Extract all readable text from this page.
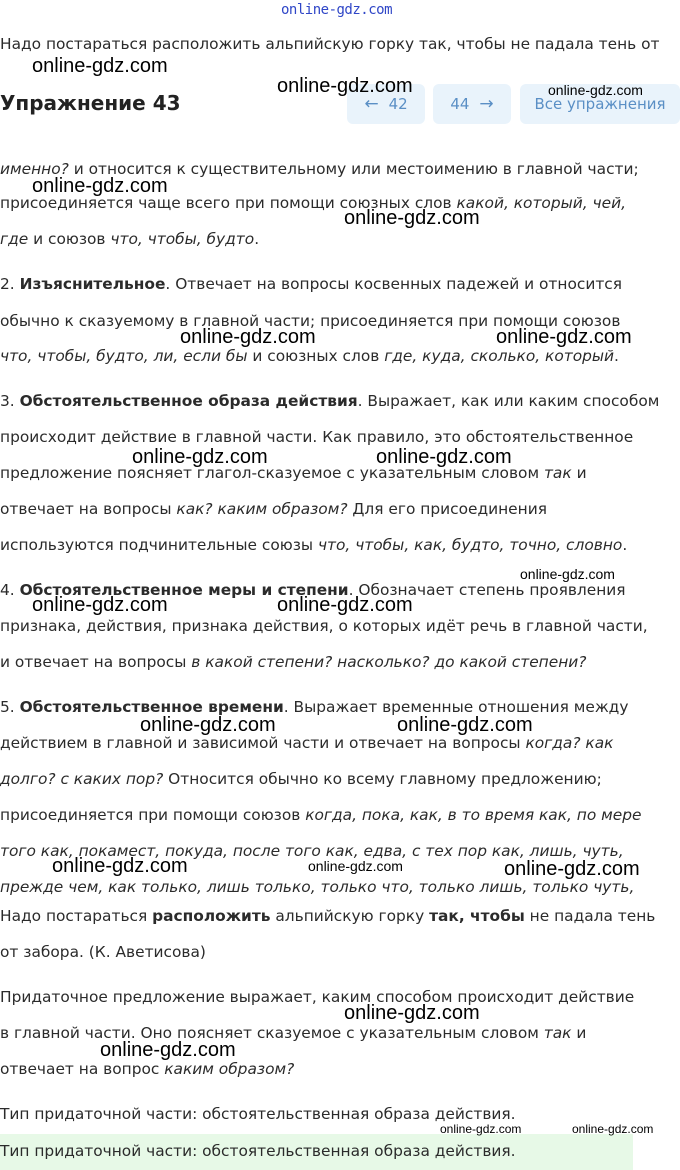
online-gdz.com

Надо постараться расположить альпийскую горку так, чтобы не падала тень от

Упражнение 43	← 42	44 →	Все упражнения

именно? и относится к существительному или местоимению в главной части;

присоединяется чаще всего при помощи союзных слов какой, который, чей,

где и союзов что, чтобы, будто.

2. Изъяснительное. Отвечает на вопросы косвенных падежей и относится

обычно к сказуемому в главной части; присоединяется при помощи союзов

что, чтобы, будто, ли, если бы и союзных слов где, куда, сколько, который.

3. Обстоятельственное образа действия. Выражает, как или каким способом

происходит действие в главной части. Как правило, это обстоятельственное

предложение поясняет глагол-сказуемое с указательным словом так и

отвечает на вопросы как? каким образом? Для его присоединения

используются подчинительные союзы что, чтобы, как, будто, точно, словно.

4. Обстоятельственное меры и степени. Обозначает степень проявления

признака, действия, признака действия, о которых идёт речь в главной части,

и отвечает на вопросы в какой степени? насколько? до какой степени?

5. Обстоятельственное времени. Выражает временные отношения между

действием в главной и зависимой части и отвечает на вопросы когда? как

долго? с каких пор? Относится обычно ко всему главному предложению;

присоединяется при помощи союзов когда, пока, как, в то время как, по мере

того как, покамест, покуда, после того как, едва, с тех пор как, лишь, чуть,

прежде чем, как только, лишь только, только что, только лишь, только чуть,

Надо постараться расположить альпийскую горку так, чтобы не падала тень

от забора. (К. Аветисова)

Придаточное предложение выражает, каким способом происходит действие

в главной части. Оно поясняет сказуемое с указательным словом так и

отвечает на вопрос каким образом?

Тип придаточной части: обстоятельственная образа действия.

Тип придаточной части: обстоятельственная образа действия.

online-gdz.com
online-gdz.com	online-gdz.com
online-gdz.com
online-gdz.com
online-gdz.com	online-gdz.com
online-gdz.com	online-gdz.com
online-gdz.com
online-gdz.com	online-gdz.com
online-gdz.com	online-gdz.com
online-gdz.com	online-gdz.com	online-gdz.com
online-gdz.com
online-gdz.com
online-gdz.com	online-gdz.com
